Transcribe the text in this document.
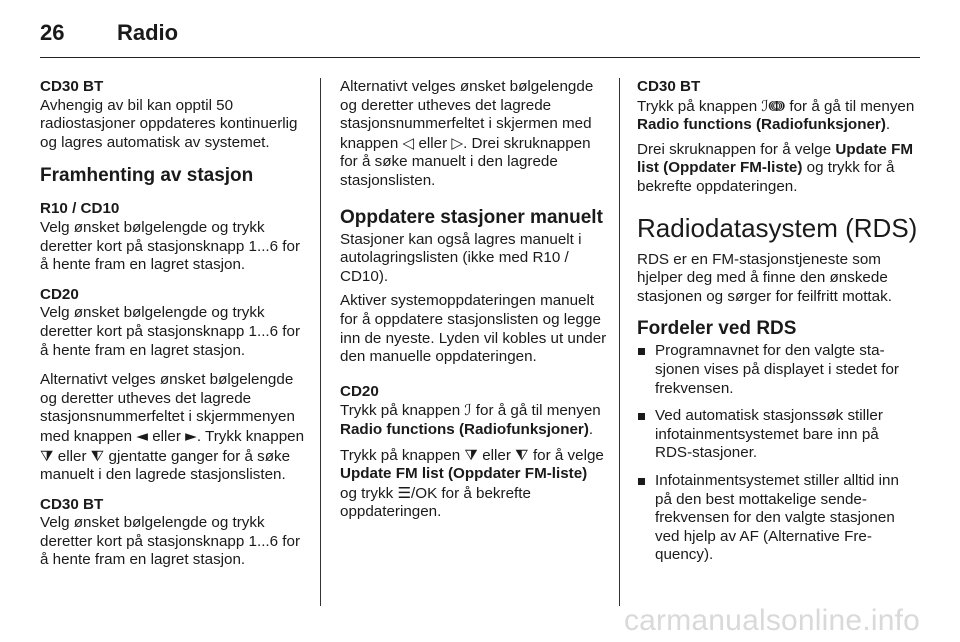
26 Radio
CD30 BT

Avhengig av bil kan opptil 50 radiostasjoner oppdateres kontinuerlig og lagres automatisk av systemet.

Framhenting av stasjon
R10 / CD10

Velg ønsket bølgelengde og trykk deretter kort på stasjonsknapp 1...6 for å hente fram en lagret stasjon.

CD20

Velg ønsket bølgelengde og trykk deretter kort på stasjonsknapp 1...6 for å hente fram en lagret stasjon.

Alternativt velges ønsket bølgelengde og deretter utheves det lagrede stasjonsnummerfeltet i skjermmenyen med knappen ◄ eller ►. Trykk knappen ⧩ eller ⧨ gjentatte ganger for å søke manuelt i den lagrede stasjonslisten.

CD30 BT

Velg ønsket bølgelengde og trykk deretter kort på stasjonsknapp 1...6 for å hente fram en lagret stasjon.

Alternativt velges ønsket bølgelengde og deretter utheves det lagrede stasjonsnummerfeltet i skjermen med knappen ◁ eller ▷. Drei skruknappen for å søke manuelt i den lagrede stasjonslisten.

Oppdatere stasjoner manuelt

Stasjoner kan også lagres manuelt i autolagringslisten (ikke med R10 / CD10).

Aktiver systemoppdateringen manuelt for å oppdatere stasjonslisten og legge inn de nyeste. Lyden vil kobles ut under den manuelle oppdateringen.

CD20

Trykk på knappen ℐ for å gå til menyen Radio functions (Radiofunksjoner).

Trykk på knappen ⧩ eller ⧨ for å velge Update FM list (Oppdater FM-liste) og trykk ☰/OK for å bekrefte oppdateringen.

CD30 BT

Trykk på knappen ℐↈ for å gå til menyen Radio functions (Radiofunksjoner).

Drei skruknappen for å velge Update FM list (Oppdater FM-liste) og trykk for å bekrefte oppdateringen.

Radiodatasystem (RDS)

RDS er en FM-stasjonstjeneste som hjelper deg med å finne den ønskede stasjonen og sørger for feilfritt mottak.

Fordeler ved RDS
Programnavnet for den valgte stasjonen vises på displayet i stedet for frekvensen.
Ved automatisk stasjonssøk stiller infotainmentsystemet bare inn på RDS-stasjoner.
Infotainmentsystemet stiller alltid inn på den best mottakelige sendefrekvensen for den valgte stasjonen ved hjelp av AF (Alternative Frequency).
carmanualsonline.info
